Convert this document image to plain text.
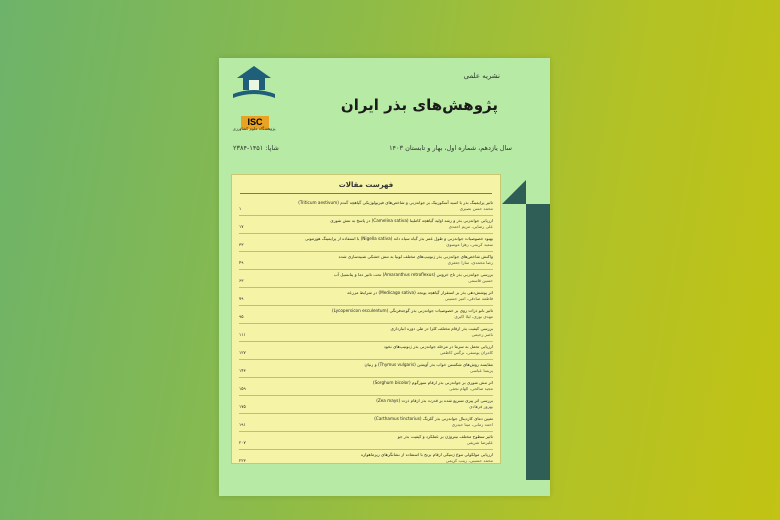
ISC
پژوهشگاه علوم کشاورزی
نشریه علمی
پژوهش‌های بذر ایران
سال یازدهم، شماره اول، بهار و تابستان ۱۴۰۳
شاپا: ۱۴۵۱-۲۳۸۴
فهرست مقالات
تاثیر پرایمینگ بذر با اسید آسکوربیک بر جوانه‌زنی و شاخص‌های فیزیولوژیکی گیاهچه گندم (Triticum aestivum)
محمد حسن نصیری
۱
ارزیابی جوانه‌زنی بذر و رشد اولیه گیاهچه کاملینا (Camelina sativa) در پاسخ به تنش شوری
علی رضایی، مریم احمدی
۱۷
بهبود خصوصیات جوانه‌زنی و طول عمر بذر گیاه سیاه دانه (Nigella sativa) با استفاده از پرایمینگ هورمونی
سعید کریمی، زهرا موسوی
۳۳
واکنش شاخص‌های جوانه‌زنی بذر ژنوتیپ‌های مختلف لوبیا به تنش خشکی شبیه‌سازی شده
رضا محمدی، سارا جعفری
۴۹
بررسی جوانه‌زنی بذر تاج خروس (Amaranthus retroflexus) تحت تاثیر دما و پتانسیل آب
حسین قاسمی
۶۳
اثر پوشش‌دهی بذر بر استقرار گیاهچه یونجه (Medicago sativa) در شرایط مزرعه
فاطمه صادقی، امیر حسینی
۷۹
تاثیر نانو ذرات روی بر خصوصیات جوانه‌زنی بذر گوجه‌فرنگی (Lycopersicon esculentum)
مهدی نوری، لیلا اکبری
۹۵
بررسی کیفیت بذر ارقام مختلف کلزا در طی دوره انبارداری
ناصر رحیمی
۱۱۱
ارزیابی تحمل به سرما در مرحله جوانه‌زنی بذر ژنوتیپ‌های نخود
کامران یوسفی، نرگس کاظمی
۱۲۷
مقایسه روش‌های شکستن خواب بذر آویشن (Thymus vulgaris) و زنیان
پریسا عباسی
۱۴۳
اثر تنش شوری بر جوانه‌زنی بذر ارقام سورگوم (Sorghum bicolor)
مجید صالحی، الهام نجفی
۱۵۹
بررسی اثر پیری تسریع شده بر قدرت بذر ارقام ذرت (Zea mays)
بهروز فرهادی
۱۷۵
تعیین دمای کاردینال جوانه‌زنی بذر گلرنگ (Carthamus tinctorius)
احمد زمانی، مینا حیدری
۱۹۱
تاثیر سطوح مختلف نیتروژن بر عملکرد و کیفیت بذر جو
علیرضا شریفی
۲۰۷
ارزیابی مولکولی تنوع ژنتیکی ارقام برنج با استفاده از نشانگرهای ریزماهواره
محمد حسینی، زینب کریمی
۲۲۳
